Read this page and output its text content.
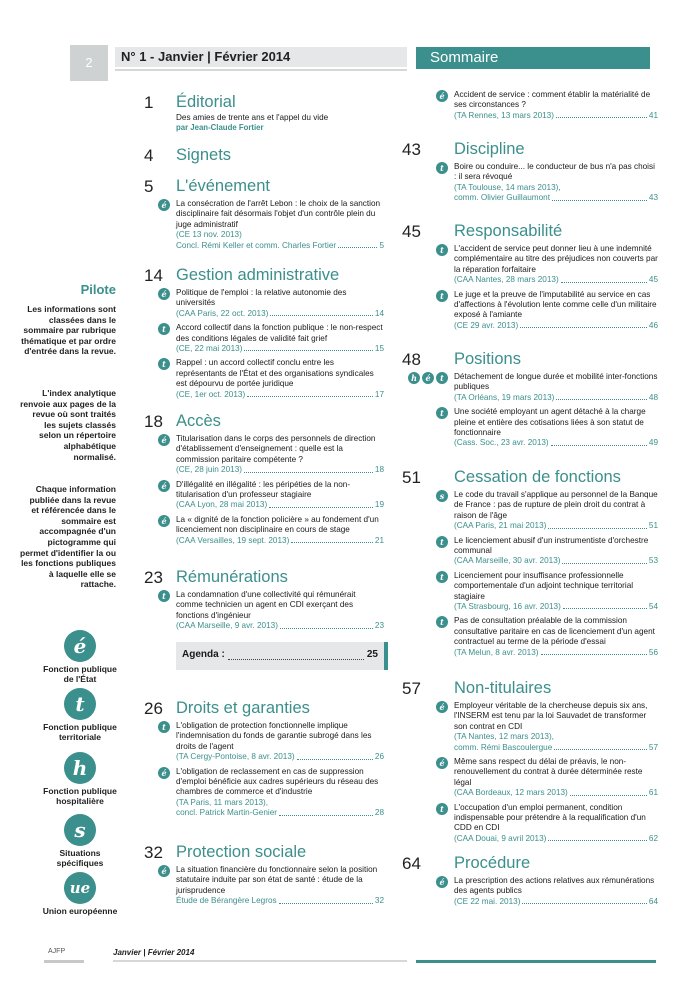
2	N° 1 - Janvier | Février 2014	Sommaire
Pilote
Les informations sont classées dans le sommaire par rubrique thématique et par ordre d'entrée dans la revue.
L'index analytique renvoie aux pages de la revue où sont traités les sujets classés selon un répertoire alphabétique normalisé.
Chaque information publiée dans la revue et référencée dans le sommaire est accompagnée d'un pictogramme qui permet d'identifier la ou les fonctions publiques à laquelle elle se rattache.
é
Fonction publique de l'État
t
Fonction publique territoriale
h
Fonction publique hospitalière
s
Situations spécifiques
ue
Union européenne
Agenda :	25
AJFP	Janvier | Février 2014
1 Éditorial
Des amies de trente ans et l'appel du vide
par Jean-Claude Fortier
4 Signets
5 L'événement
é	La consécration de l'arrêt Lebon : le choix de la sanction disciplinaire fait désormais l'objet d'un contrôle plein du juge administratif
(CE 13 nov. 2013)
Concl. Rémi Keller et comm. Charles Fortier	5
14 Gestion administrative
é	Politique de l'emploi : la relative autonomie des universités
(CAA Paris, 22 oct. 2013)	14
t	Accord collectif dans la fonction publique : le non-respect des conditions légales de validité fait grief
(CE, 22 mai 2013)	15
t	Rappel : un accord collectif conclu entre les représentants de l'État et des organisations syndicales est dépourvu de portée juridique
(CE, 1er oct. 2013)	17
18 Accès
é	Titularisation dans le corps des personnels de direction d'établissement d'enseignement : quelle est la commission paritaire compétente ?
(CE, 28 juin 2013)	18
é	D'illégalité en illégalité : les péripéties de la non-titularisation d'un professeur stagiaire
(CAA Lyon, 28 mai 2013)	19
é	La « dignité de la fonction policière » au fondement d'un licenciement non disciplinaire en cours de stage
(CAA Versailles, 19 sept. 2013)	21
23 Rémunérations
t	La condamnation d'une collectivité qui rémunérait comme technicien un agent en CDI exerçant des fonctions d'ingénieur
(CAA Marseille, 9 avr. 2013)	23
26 Droits et garanties
t	L'obligation de protection fonctionnelle implique l'indemnisation du fonds de garantie subrogé dans les droits de l'agent
(TA Cergy-Pontoise, 8 avr. 2013)	26
é	L'obligation de reclassement en cas de suppression d'emploi bénéficie aux cadres supérieurs du réseau des chambres de commerce et d'industrie
(TA Paris, 11 mars 2013),
concl. Patrick Martin-Genier	28
32 Protection sociale
é	La situation financière du fonctionnaire selon la position statutaire induite par son état de santé : étude de la jurisprudence
Étude de Bérangère Legros	32
é	Accident de service : comment établir la matérialité de ses circonstances ?
(TA Rennes, 13 mars 2013)	41
43 Discipline
t	Boire ou conduire... le conducteur de bus n'a pas choisi : il sera révoqué
(TA Toulouse, 14 mars 2013),
comm. Olivier Guillaumont	43
45 Responsabilité
t	L'accident de service peut donner lieu à une indemnité complémentaire au titre des préjudices non couverts par la réparation forfaitaire
(CAA Nantes, 28 mars 2013)	45
t	Le juge et la preuve de l'imputabilité au service en cas d'affections à l'évolution lente comme celle d'un militaire exposé à l'amiante
(CE 29 avr. 2013)	46
48 Positions
t
é
h	Détachement de longue durée et mobilité inter-fonctions publiques
(TA Orléans, 19 mars 2013)	48
t	Une société employant un agent détaché à la charge pleine et entière des cotisations liées à son statut de fonctionnaire
(Cass. Soc., 23 avr. 2013)	49
51 Cessation de fonctions
s	Le code du travail s'applique au personnel de la Banque de France : pas de rupture de plein droit du contrat à raison de l'âge
(CAA Paris, 21 mai 2013)	51
t	Le licenciement abusif d'un instrumentiste d'orchestre communal
(CAA Marseille, 30 avr. 2013)	53
t	Licenciement pour insuffisance professionnelle comportementale d'un adjoint technique territorial stagiaire
(TA Strasbourg, 16 avr. 2013)	54
t	Pas de consultation préalable de la commission consultative paritaire en cas de licenciement d'un agent contractuel au terme de la période d'essai
(TA Melun, 8 avr. 2013)	56
57 Non-titulaires
é	Employeur véritable de la chercheuse depuis six ans, l'INSERM est tenu par la loi Sauvadet de transformer son contrat en CDI
(TA Nantes, 12 mars 2013),
comm. Rémi Bascoulergue	57
é	Même sans respect du délai de préavis, le non-renouvellement du contrat à durée déterminée reste légal
(CAA Bordeaux, 12 mars 2013)	61
t	L'occupation d'un emploi permanent, condition indispensable pour prétendre à la requalification d'un CDD en CDI
(CAA Douai, 9 avril 2013)	62
64 Procédure
é	La prescription des actions relatives aux rémunérations des agents publics
(CE 22 mai. 2013)	64
